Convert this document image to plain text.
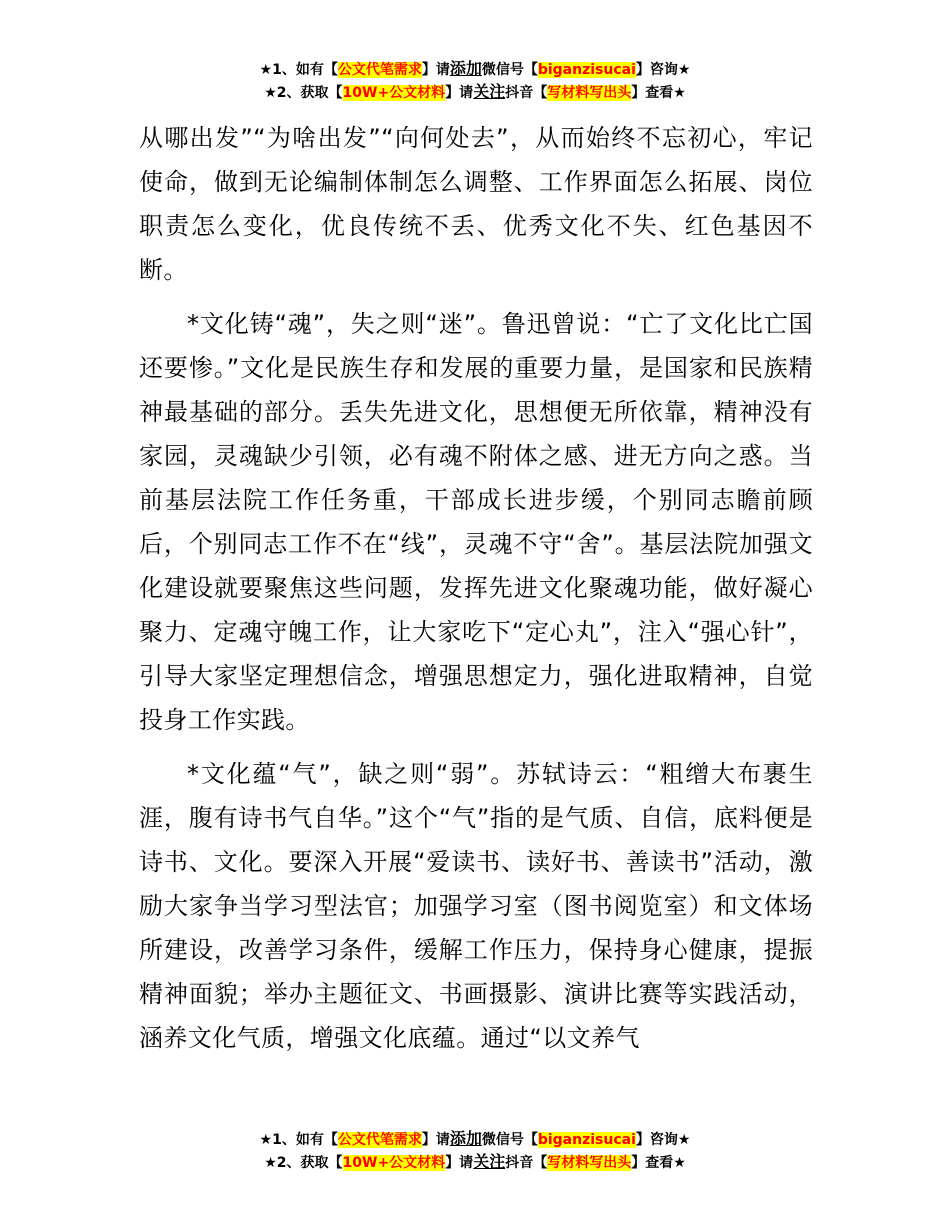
★1、如有【公文代笔需求】请添加微信号【biganzisucai】咨询★
★2、获取【10W+公文材料】请关注抖音【写材料写出头】查看★

从哪出发”“为啥出发”“向何处去”，从而始终不忘初心，牢记使命，做到无论编制体制怎么调整、工作界面怎么拓展、岗位职责怎么变化，优良传统不丢、优秀文化不失、红色基因不断。

*文化铸“魂”，失之则“迷”。鲁迅曾说：“亡了文化比亡国还要惨。”文化是民族生存和发展的重要力量，是国家和民族精神最基础的部分。丢失先进文化，思想便无所依靠，精神没有家园，灵魂缺少引领，必有魂不附体之感、进无方向之惑。当前基层法院工作任务重，干部成长进步缓，个别同志瞻前顾后，个别同志工作不在“线”，灵魂不守“舍”。基层法院加强文化建设就要聚焦这些问题，发挥先进文化聚魂功能，做好凝心聚力、定魂守魄工作，让大家吃下“定心丸”，注入“强心针”，引导大家坚定理想信念，增强思想定力，强化进取精神，自觉投身工作实践。

*文化蕴“气”，缺之则“弱”。苏轼诗云：“粗缯大布裹生涯，腹有诗书气自华。”这个“气”指的是气质、自信，底料便是诗书、文化。要深入开展“爱读书、读好书、善读书”活动，激励大家争当学习型法官；加强学习室（图书阅览室）和文体场所建设，改善学习条件，缓解工作压力，保持身心健康，提振精神面貌；举办主题征文、书画摄影、演讲比赛等实践活动，涵养文化气质，增强文化底蕴。通过“以文养气

★1、如有【公文代笔需求】请添加微信号【biganzisucai】咨询★
★2、获取【10W+公文材料】请关注抖音【写材料写出头】查看★
